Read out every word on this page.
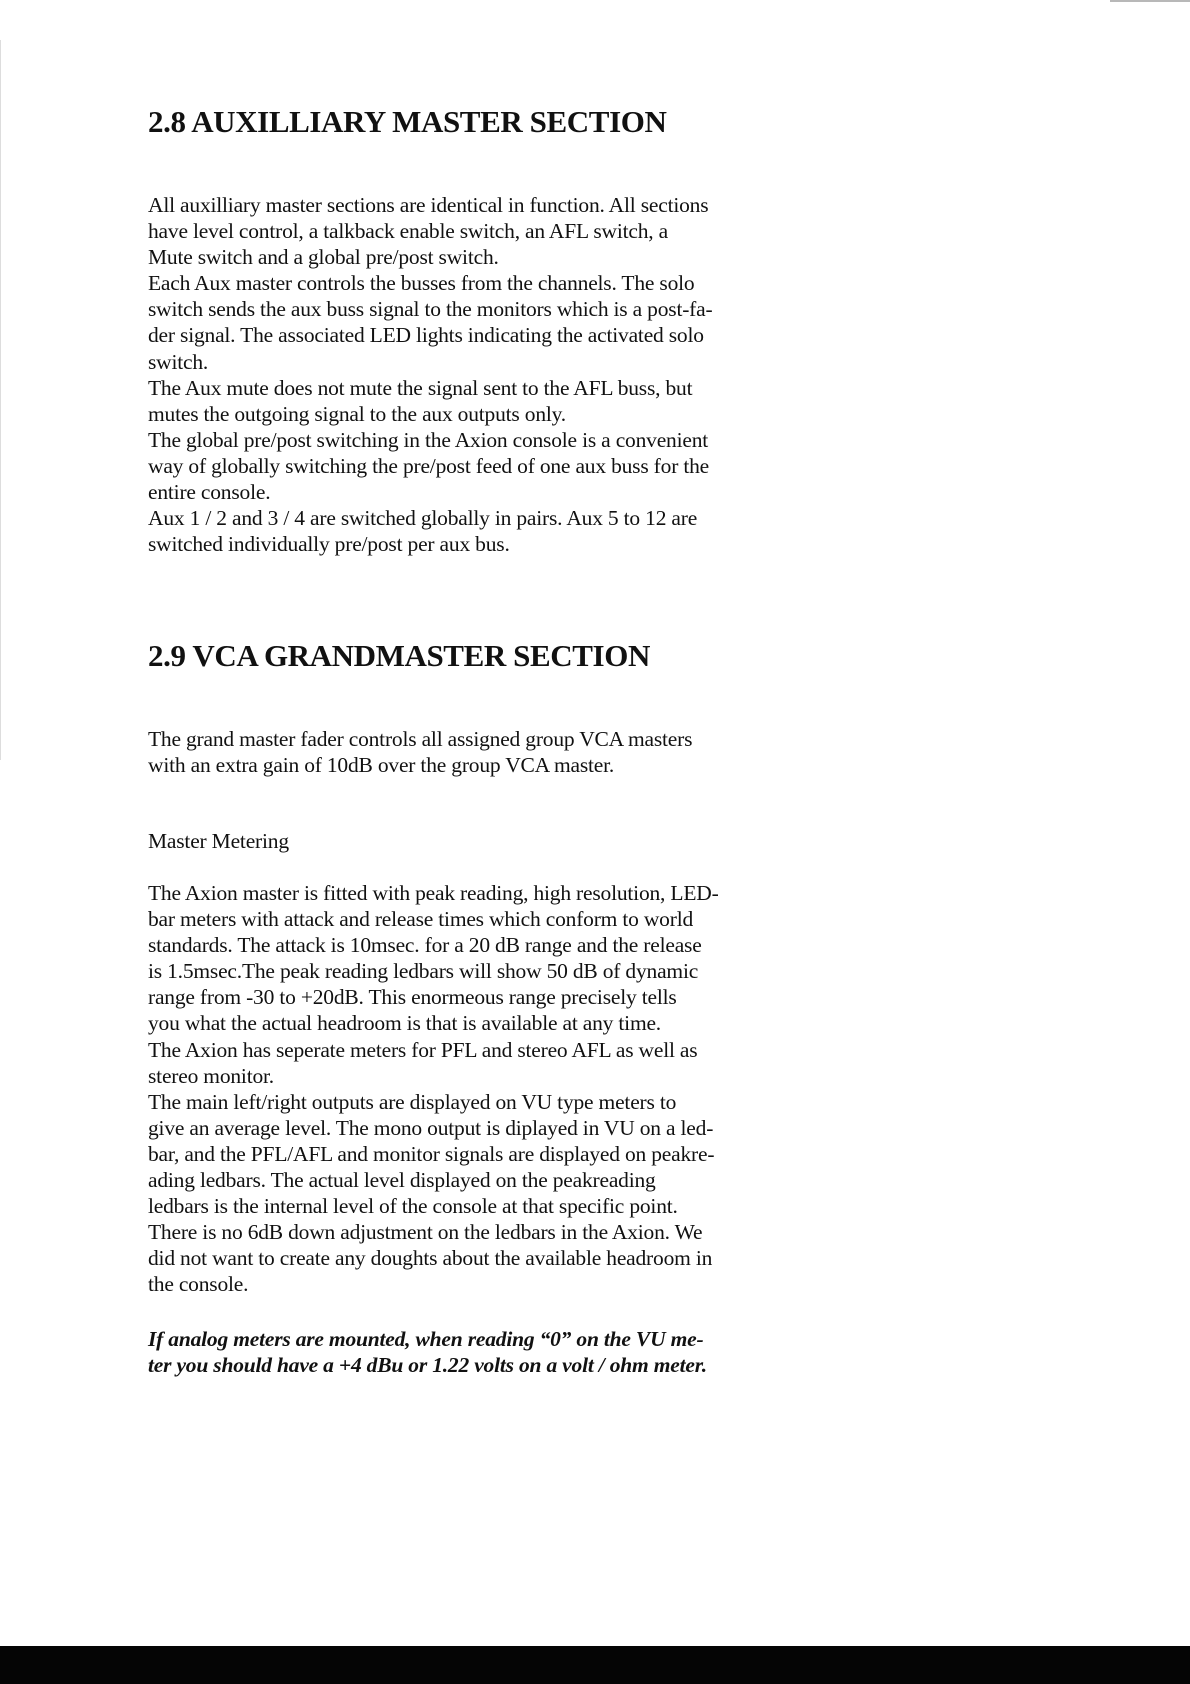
2.8 AUXILLIARY MASTER SECTION
All auxilliary master sections are identical in function. All sections
have level control, a talkback enable switch, an AFL switch, a
Mute switch and a global pre/post switch.
Each Aux master controls the busses from the channels. The solo
switch sends the aux buss signal to the monitors which is a post-fa-
der signal. The associated LED lights indicating the activated solo
switch.
The Aux mute does not mute the signal sent to the AFL buss, but
mutes the outgoing signal to the aux outputs only.
The global pre/post switching in the Axion console is a convenient
way of globally switching the pre/post feed of one aux buss for the
entire console.
Aux 1 / 2 and 3 / 4 are switched globally in pairs. Aux 5 to 12 are
switched individually pre/post per aux bus.
2.9 VCA GRANDMASTER SECTION
The grand master fader controls all assigned group VCA masters
with an extra gain of 10dB over the group VCA master.
Master Metering
The Axion master is fitted with peak reading, high resolution, LED-
bar meters with attack and release times which conform to world
standards. The attack is 10msec. for a 20 dB range and the release
is 1.5msec.The peak reading ledbars will show 50 dB of dynamic
range from -30 to +20dB. This enormeous range precisely tells
you what the actual headroom is that is available at any time.
The Axion has seperate meters for PFL and stereo AFL as well as
stereo monitor.
The main left/right outputs are displayed on VU type meters to
give an average level. The mono output is diplayed in VU on a led-
bar, and the PFL/AFL and monitor signals are displayed on peakre-
ading ledbars. The actual level displayed on the peakreading
ledbars is the internal level of the console at that specific point.
There is no 6dB down adjustment on the ledbars in the Axion. We
did not want to create any doughts about the available headroom in
the console.
If analog meters are mounted, when reading “0” on the VU me-
ter you should have a +4 dBu or 1.22 volts on a volt / ohm meter.
